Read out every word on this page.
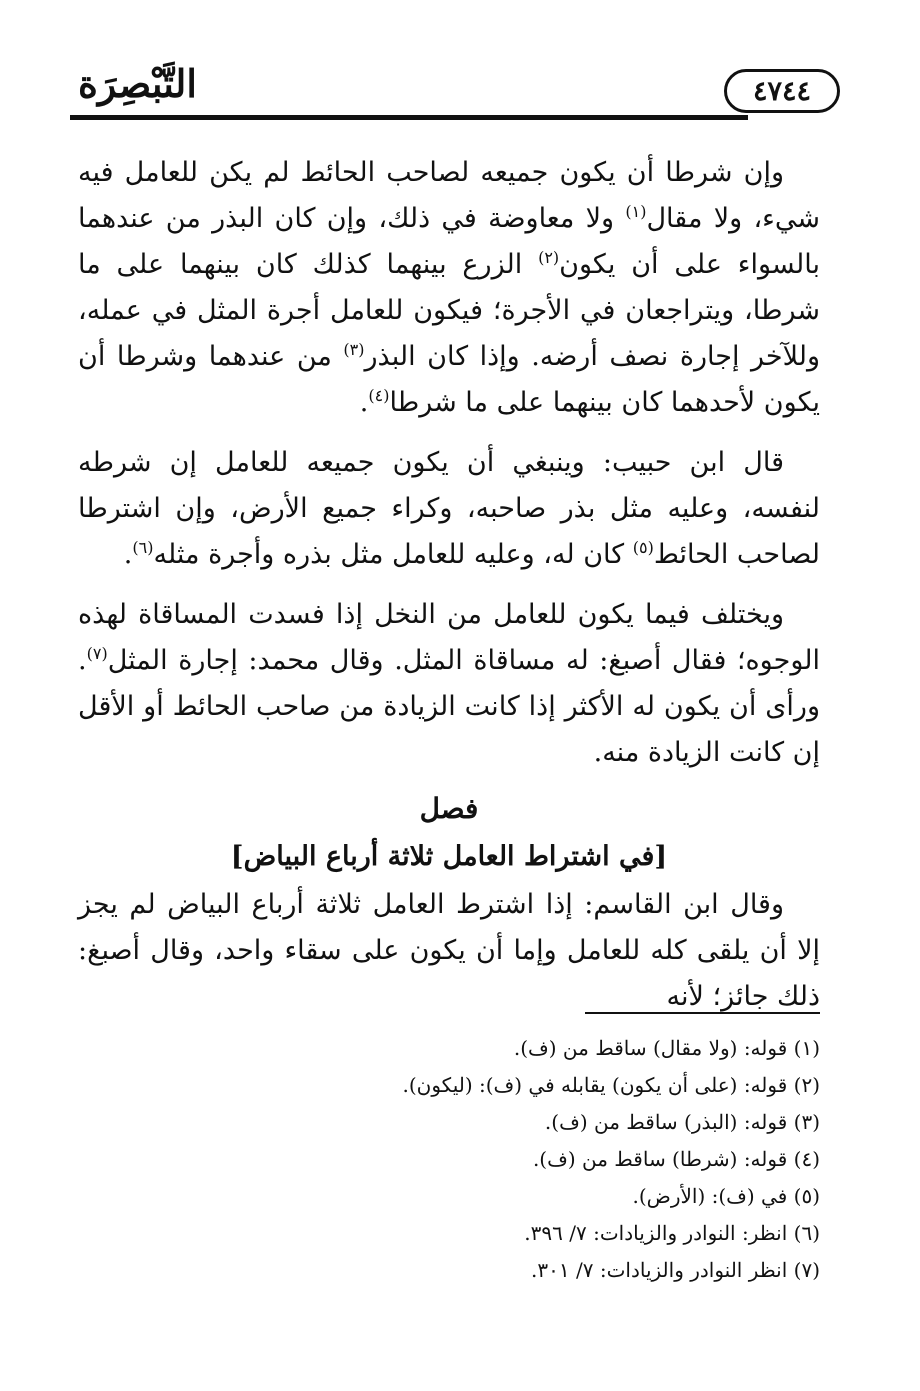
٤٧٤٤
التَّبْصِرَة

وإن شرطا أن يكون جميعه لصاحب الحائط لم يكن للعامل فيه شيء، ولا مقال$^{(١)}$ ولا معاوضة في ذلك، وإن كان البذر من عندهما بالسواء على أن يكون$^{(٢)}$ الزرع بينهما كذلك كان بينهما على ما شرطا، ويتراجعان في الأجرة؛ فيكون للعامل أجرة المثل في عمله، وللآخر إجارة نصف أرضه. وإذا كان البذر$^{(٣)}$ من عندهما وشرطا أن يكون لأحدهما كان بينهما على ما شرطا$^{(٤)}$.

قال ابن حبيب: وينبغي أن يكون جميعه للعامل إن شرطه لنفسه، وعليه مثل بذر صاحبه، وكراء جميع الأرض، وإن اشترطا لصاحب الحائط$^{(٥)}$ كان له، وعليه للعامل مثل بذره وأجرة مثله$^{(٦)}$.

ويختلف فيما يكون للعامل من النخل إذا فسدت المساقاة لهذه الوجوه؛ فقال أصبغ: له مساقاة المثل. وقال محمد: إجارة المثل$^{(٧)}$. ورأى أن يكون له الأكثر إذا كانت الزيادة من صاحب الحائط أو الأقل إن كانت الزيادة منه.

فصل
[في اشتراط العامل ثلاثة أرباع البياض]

وقال ابن القاسم: إذا اشترط العامل ثلاثة أرباع البياض لم يجز إلا أن يلقى كله للعامل وإما أن يكون على سقاء واحد، وقال أصبغ: ذلك جائز؛ لأنه

(١) قوله: (ولا مقال) ساقط من (ف).
(٢) قوله: (على أن يكون) يقابله في (ف): (ليكون).
(٣) قوله: (البذر) ساقط من (ف).
(٤) قوله: (شرطا) ساقط من (ف).
(٥) في (ف): (الأرض).
(٦) انظر: النوادر والزيادات: ٧/ ٣٩٦.
(٧) انظر النوادر والزيادات: ٧/ ٣٠١.
